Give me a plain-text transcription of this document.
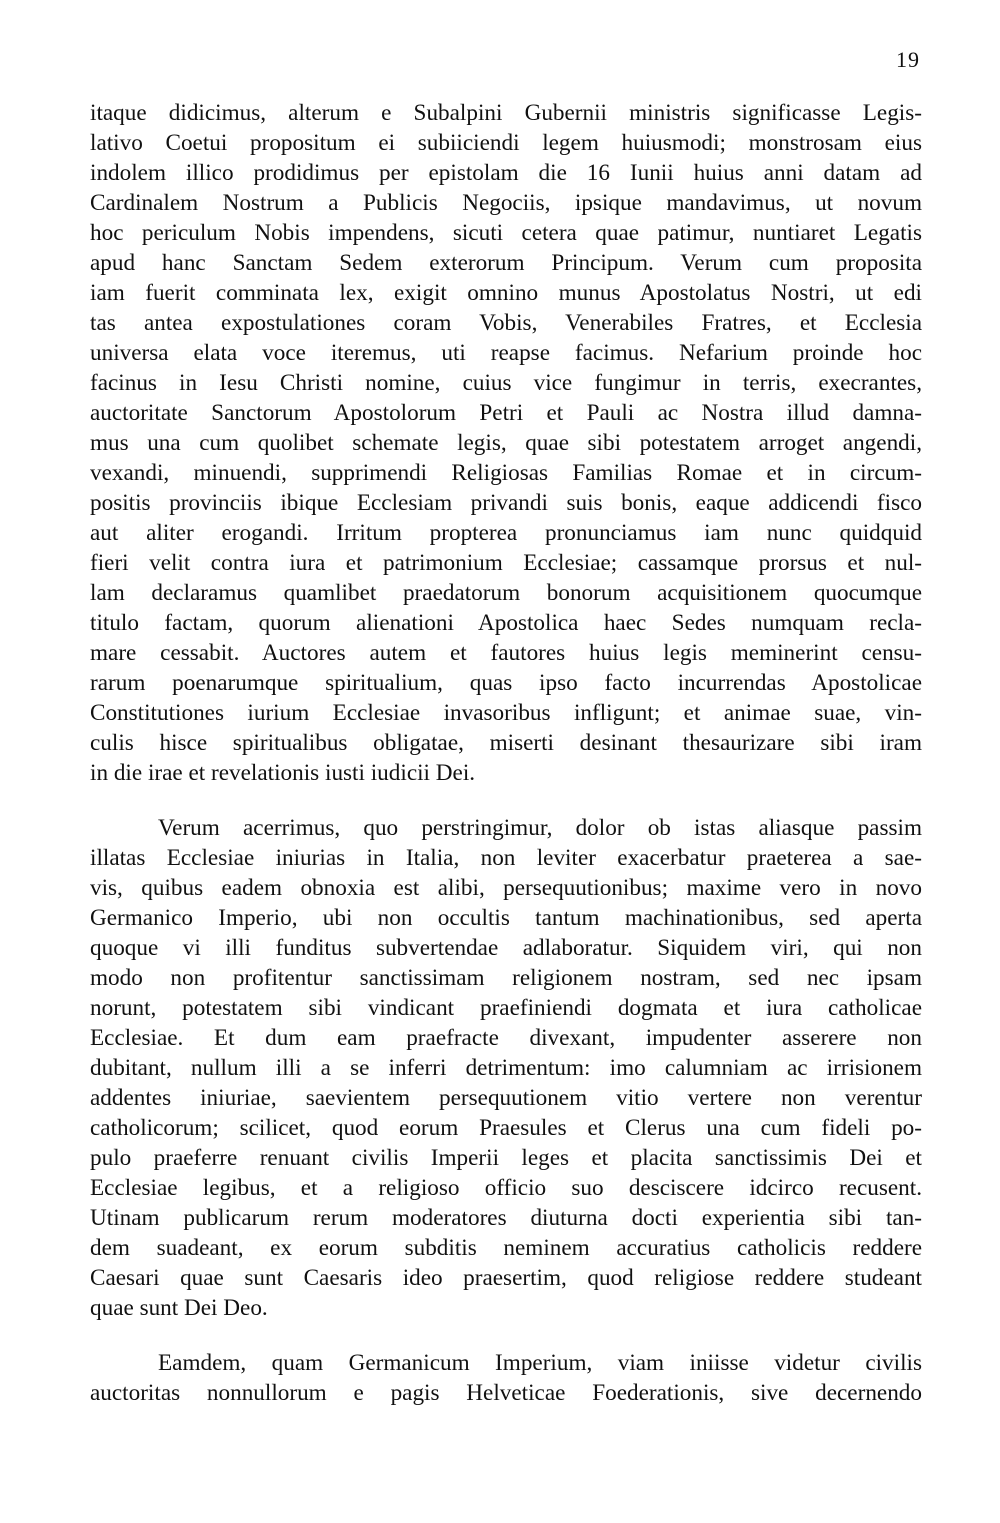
19
itaque didicimus, alterum e Subalpini Gubernii ministris significasse Legis-
lativo Coetui propositum ei subiiciendi legem huiusmodi; monstrosam eius
indolem illico prodidimus per epistolam die 16 Iunii huius anni datam ad
Cardinalem Nostrum a Publicis Negociis, ipsique mandavimus, ut novum
hoc periculum Nobis impendens, sicuti cetera quae patimur, nuntiaret Legatis
apud hanc Sanctam Sedem exterorum Principum. Verum cum proposita
iam fuerit comminata lex, exigit omnino munus Apostolatus Nostri, ut edi
tas antea expostulationes coram Vobis, Venerabiles Fratres, et Ecclesia
universa elata voce iteremus, uti reapse facimus. Nefarium proinde hoc
facinus in Iesu Christi nomine, cuius vice fungimur in terris, execrantes,
auctoritate Sanctorum Apostolorum Petri et Pauli ac Nostra illud damna-
mus una cum quolibet schemate legis, quae sibi potestatem arroget angendi,
vexandi, minuendi, supprimendi Religiosas Familias Romae et in circum-
positis provinciis ibique Ecclesiam privandi suis bonis, eaque addicendi fisco
aut aliter erogandi. Irritum propterea pronunciamus iam nunc quidquid
fieri velit contra iura et patrimonium Ecclesiae; cassamque prorsus et nul-
lam declaramus quamlibet praedatorum bonorum acquisitionem quocumque
titulo factam, quorum alienationi Apostolica haec Sedes numquam recla-
mare cessabit. Auctores autem et fautores huius legis meminerint censu-
rarum poenarumque spiritualium, quas ipso facto incurrendas Apostolicae
Constitutiones iurium Ecclesiae invasoribus infligunt; et animae suae, vin-
culis hisce spiritualibus obligatae, miserti desinant thesaurizare sibi iram
in die irae et revelationis iusti iudicii Dei.
Verum acerrimus, quo perstringimur, dolor ob istas aliasque passim
illatas Ecclesiae iniurias in Italia, non leviter exacerbatur praeterea a sae-
vis, quibus eadem obnoxia est alibi, persequutionibus; maxime vero in novo
Germanico Imperio, ubi non occultis tantum machinationibus, sed aperta
quoque vi illi funditus subvertendae adlaboratur. Siquidem viri, qui non
modo non profitentur sanctissimam religionem nostram, sed nec ipsam
norunt, potestatem sibi vindicant praefiniendi dogmata et iura catholicae
Ecclesiae. Et dum eam praefracte divexant, impudenter asserere non
dubitant, nullum illi a se inferri detrimentum: imo calumniam ac irrisionem
addentes iniuriae, saevientem persequutionem vitio vertere non verentur
catholicorum; scilicet, quod eorum Praesules et Clerus una cum fideli po-
pulo praeferre renuant civilis Imperii leges et placita sanctissimis Dei et
Ecclesiae legibus, et a religioso officio suo desciscere idcirco recusent.
Utinam publicarum rerum moderatores diuturna docti experientia sibi tan-
dem suadeant, ex eorum subditis neminem accuratius catholicis reddere
Caesari quae sunt Caesaris ideo praesertim, quod religiose reddere studeant
quae sunt Dei Deo.
Eamdem, quam Germanicum Imperium, viam iniisse videtur civilis
auctoritas nonnullorum e pagis Helveticae Foederationis, sive decernendo
